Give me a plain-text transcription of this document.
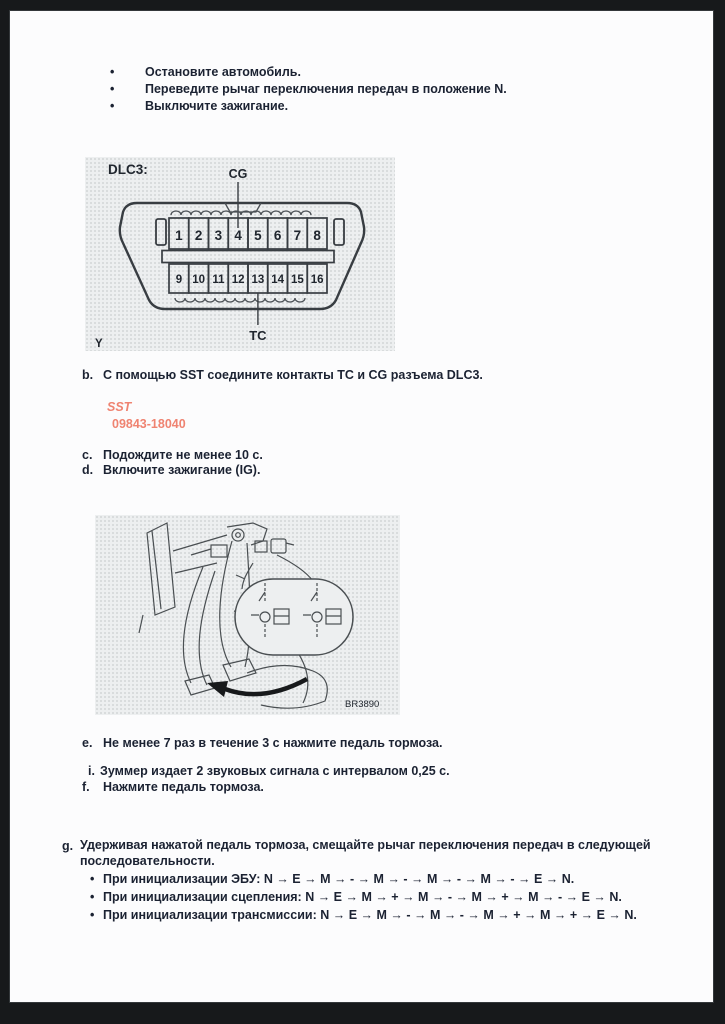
•	Остановите автомобиль.
•	Переведите рычаг переключения передач в положение N.
•	Выключите зажигание.
DLC3:	CG
1 2 3 4 5 6 7 8
9 10 11 12 13 14 15 16
TC
Y
b. С помощью SST соедините контакты TC и CG разъема DLC3.
SST
09843-18040
c. Подождите не менее 10 с.
d. Включите зажигание (IG).
BR3890
e. Не менее 7 раз в течение 3 с нажмите педаль тормоза.
i. Зуммер издает 2 звуковых сигнала с интервалом 0,25 с.
f.	Нажмите педаль тормоза.
g. Удерживая нажатой педаль тормоза, смещайте рычаг переключения передач в следующей последовательности.
• При инициализации ЭБУ: N → E → M → - → M → - → M → - → M → - → E → N.
• При инициализации сцепления: N → E → M → + → M → - → M → + → M → - → E → N.
• При инициализации трансмиссии: N → E → M → - → M → - → M → + → M → + → E → N.
